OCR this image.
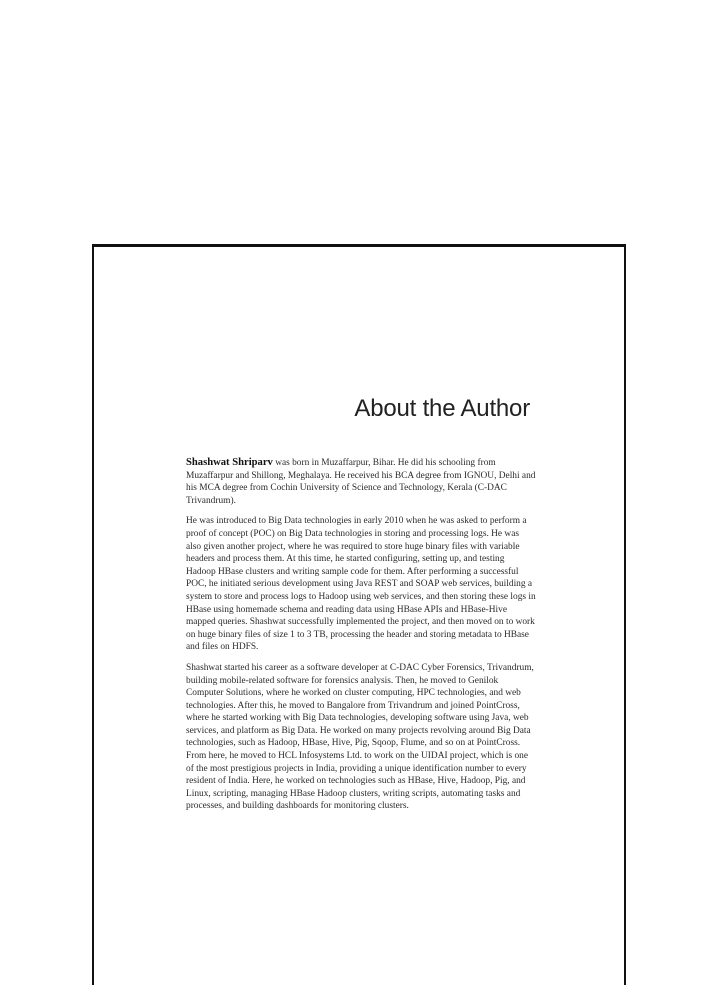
About the Author

Shashwat Shriparv was born in Muzaffarpur, Bihar. He did his schooling from Muzaffarpur and Shillong, Meghalaya. He received his BCA degree from IGNOU, Delhi and his MCA degree from Cochin University of Science and Technology, Kerala (C-DAC Trivandrum).

He was introduced to Big Data technologies in early 2010 when he was asked to perform a proof of concept (POC) on Big Data technologies in storing and processing logs. He was also given another project, where he was required to store huge binary files with variable headers and process them. At this time, he started configuring, setting up, and testing Hadoop HBase clusters and writing sample code for them. After performing a successful POC, he initiated serious development using Java REST and SOAP web services, building a system to store and process logs to Hadoop using web services, and then storing these logs in HBase using homemade schema and reading data using HBase APIs and HBase-Hive mapped queries. Shashwat successfully implemented the project, and then moved on to work on huge binary files of size 1 to 3 TB, processing the header and storing metadata to HBase and files on HDFS.

Shashwat started his career as a software developer at C-DAC Cyber Forensics, Trivandrum, building mobile-related software for forensics analysis. Then, he moved to Genilok Computer Solutions, where he worked on cluster computing, HPC technologies, and web technologies. After this, he moved to Bangalore from Trivandrum and joined PointCross, where he started working with Big Data technologies, developing software using Java, web services, and platform as Big Data. He worked on many projects revolving around Big Data technologies, such as Hadoop, HBase, Hive, Pig, Sqoop, Flume, and so on at PointCross. From here, he moved to HCL Infosystems Ltd. to work on the UIDAI project, which is one of the most prestigious projects in India, providing a unique identification number to every resident of India. Here, he worked on technologies such as HBase, Hive, Hadoop, Pig, and Linux, scripting, managing HBase Hadoop clusters, writing scripts, automating tasks and processes, and building dashboards for monitoring clusters.
